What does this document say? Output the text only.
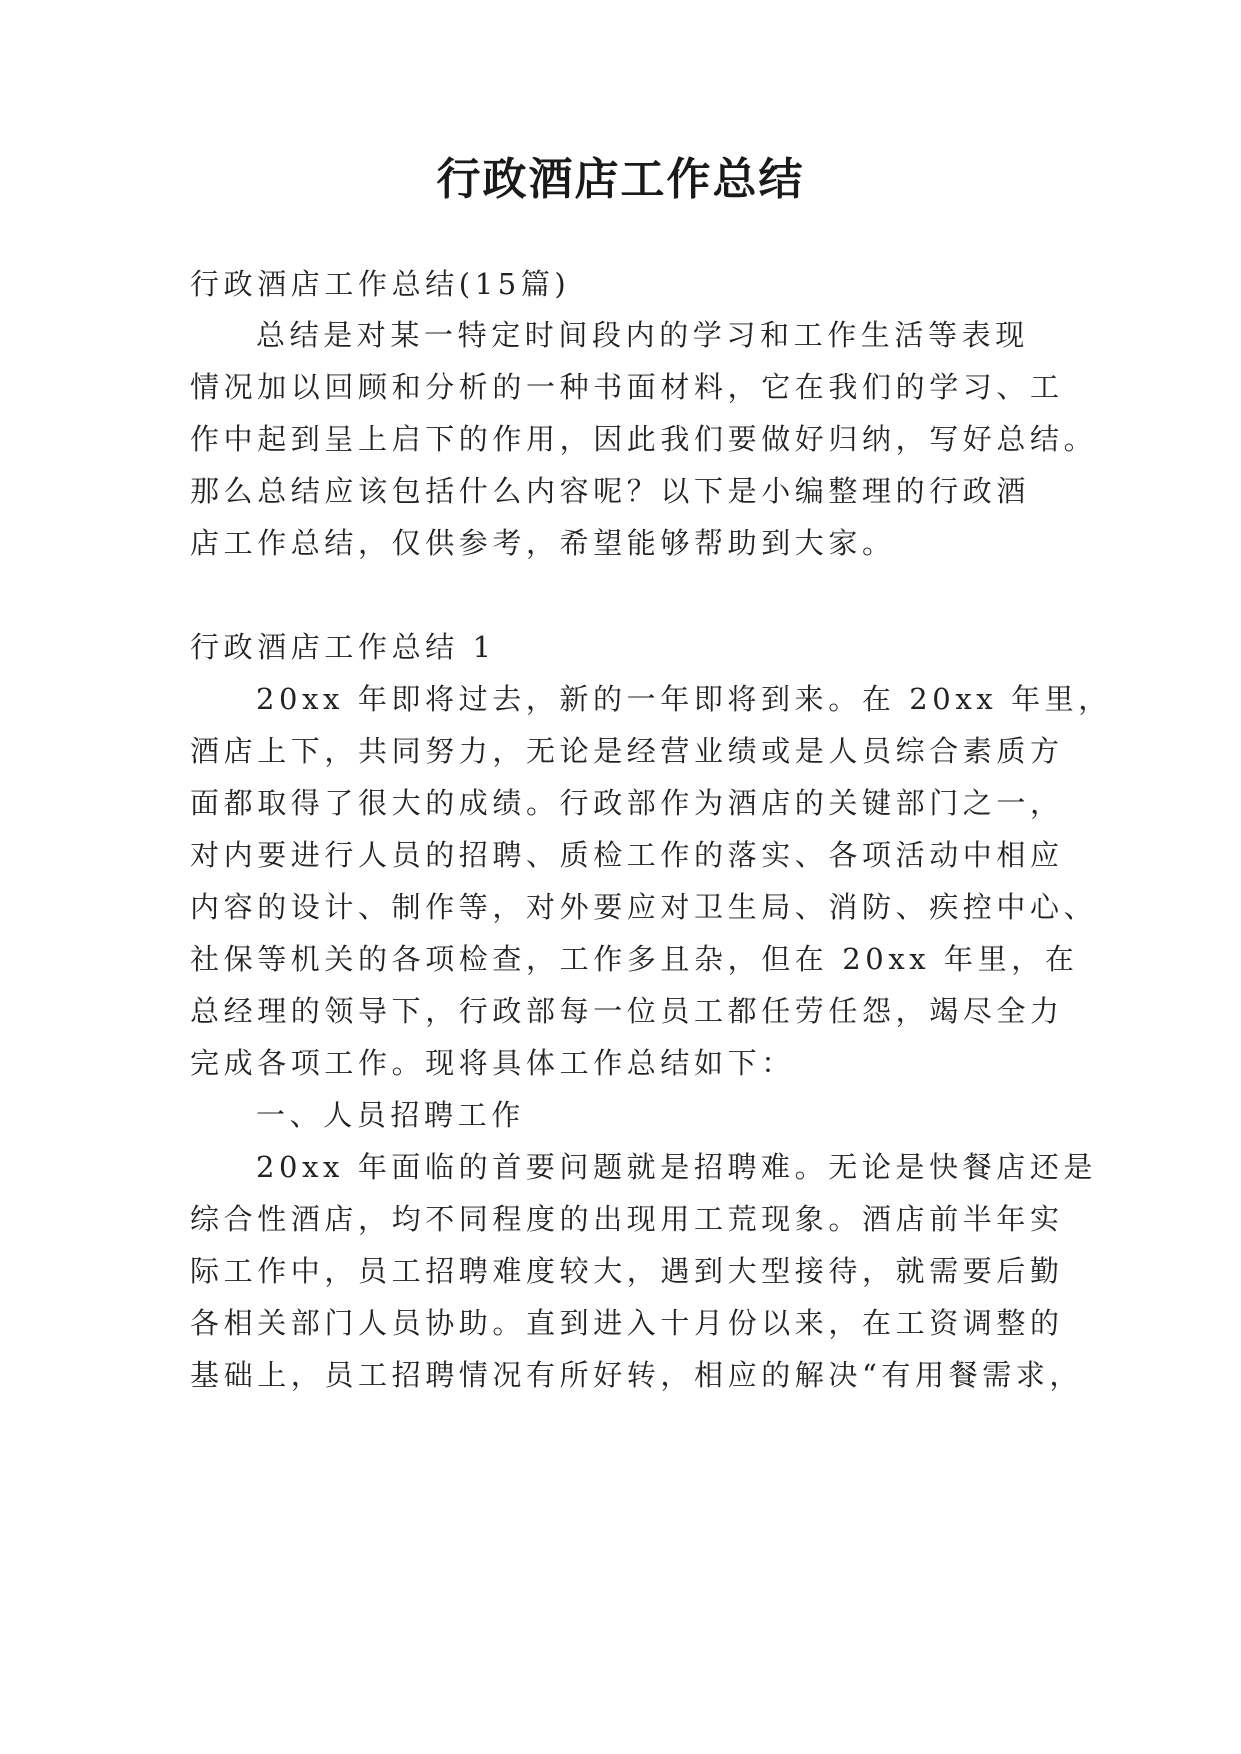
行政酒店工作总结
行政酒店工作总结(15篇)
总结是对某一特定时间段内的学习和工作生活等表现
情况加以回顾和分析的一种书面材料，它在我们的学习、工
作中起到呈上启下的作用，因此我们要做好归纳，写好总结。
那么总结应该包括什么内容呢？以下是小编整理的行政酒
店工作总结，仅供参考，希望能够帮助到大家。
行政酒店工作总结 1
20xx 年即将过去，新的一年即将到来。在 20xx 年里，
酒店上下，共同努力，无论是经营业绩或是人员综合素质方
面都取得了很大的成绩。行政部作为酒店的关键部门之一，
对内要进行人员的招聘、质检工作的落实、各项活动中相应
内容的设计、制作等，对外要应对卫生局、消防、疾控中心、
社保等机关的各项检查，工作多且杂，但在 20xx 年里，在
总经理的领导下，行政部每一位员工都任劳任怨，竭尽全力
完成各项工作。现将具体工作总结如下：
一、人员招聘工作
20xx 年面临的首要问题就是招聘难。无论是快餐店还是
综合性酒店，均不同程度的出现用工荒现象。酒店前半年实
际工作中，员工招聘难度较大，遇到大型接待，就需要后勤
各相关部门人员协助。直到进入十月份以来，在工资调整的
基础上，员工招聘情况有所好转，相应的解决“有用餐需求，
